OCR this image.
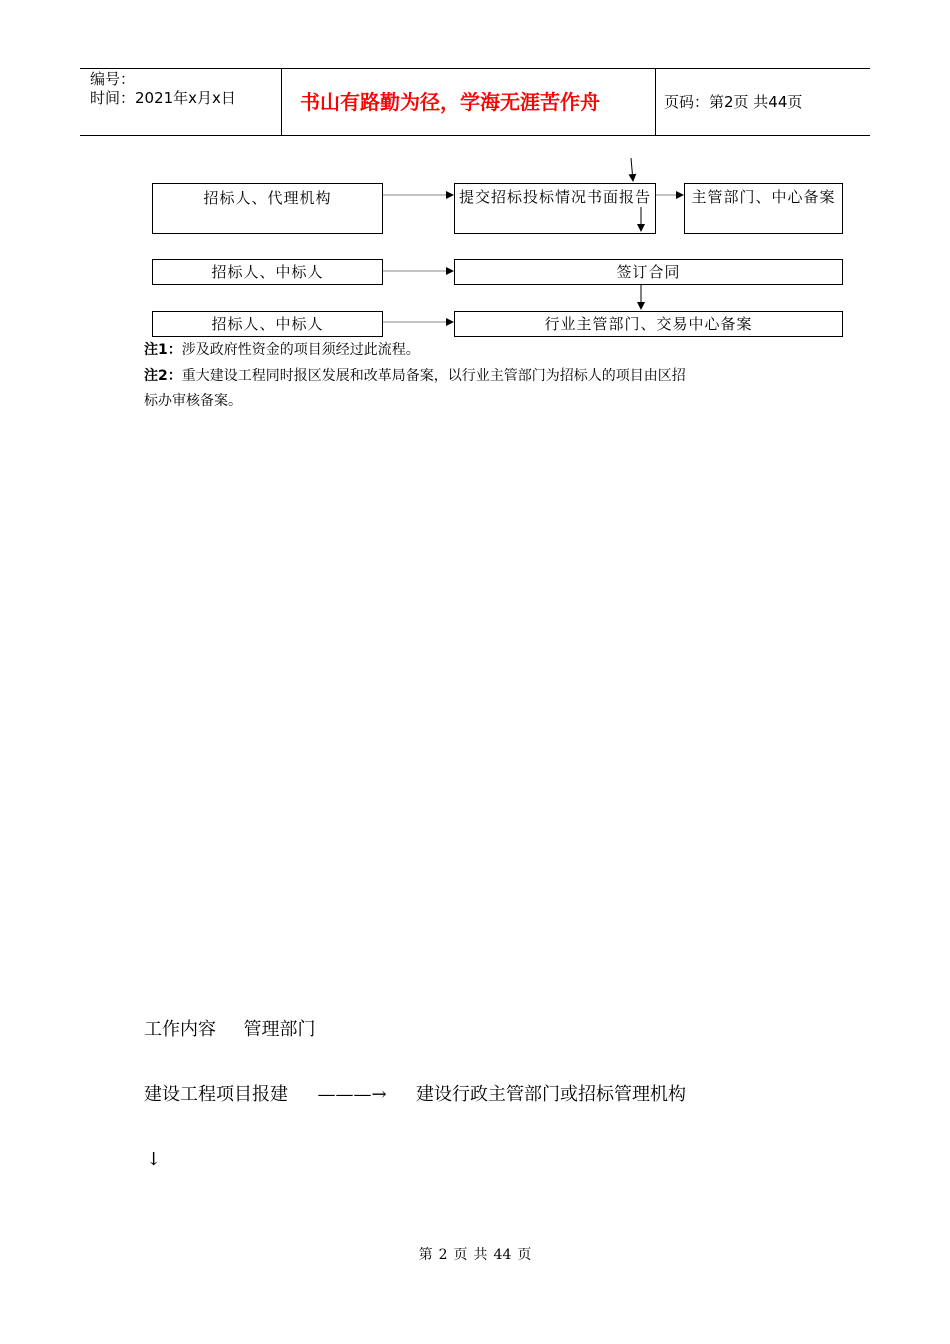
编号：
时间：2021年x月x日	书山有路勤为径，学海无涯苦作舟	页码：第2页 共44页
招标人、代理机构	提交招标投标情况书面报告	主管部门、中心备案
招标人、中标人	签订合同
招标人、中标人	行业主管部门、交易中心备案
注1：涉及政府性资金的项目须经过此流程。
注2：重大建设工程同时报区发展和改革局备案，以行业主管部门为招标人的项目由区招
标办审核备案。
工作内容 管理部门
建设工程项目报建 ———→ 建设行政主管部门或招标管理机构
↓
第 2 页 共 44 页
